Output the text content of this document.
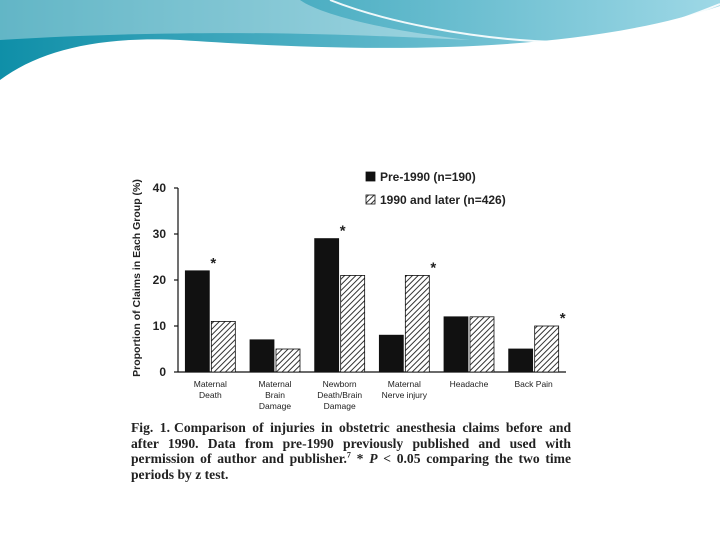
Proportion of Claims in Each Group (%) 0
10
20
30
40
*
*
*
*
Maternal
Death
Maternal
Brain
Damage
Newborn
Death/Brain
Damage
Maternal
Nerve injury
Headache	Back Pain
Pre-1990 (n=190)
1990 and later (n=426)
Fig. 1. Comparison of injuries in obstetric anesthesia claims before and after 1990. Data from pre-1990 previously published and used with permission of author and publisher.$^7$ * P < 0.05 comparing the two time periods by z test.
